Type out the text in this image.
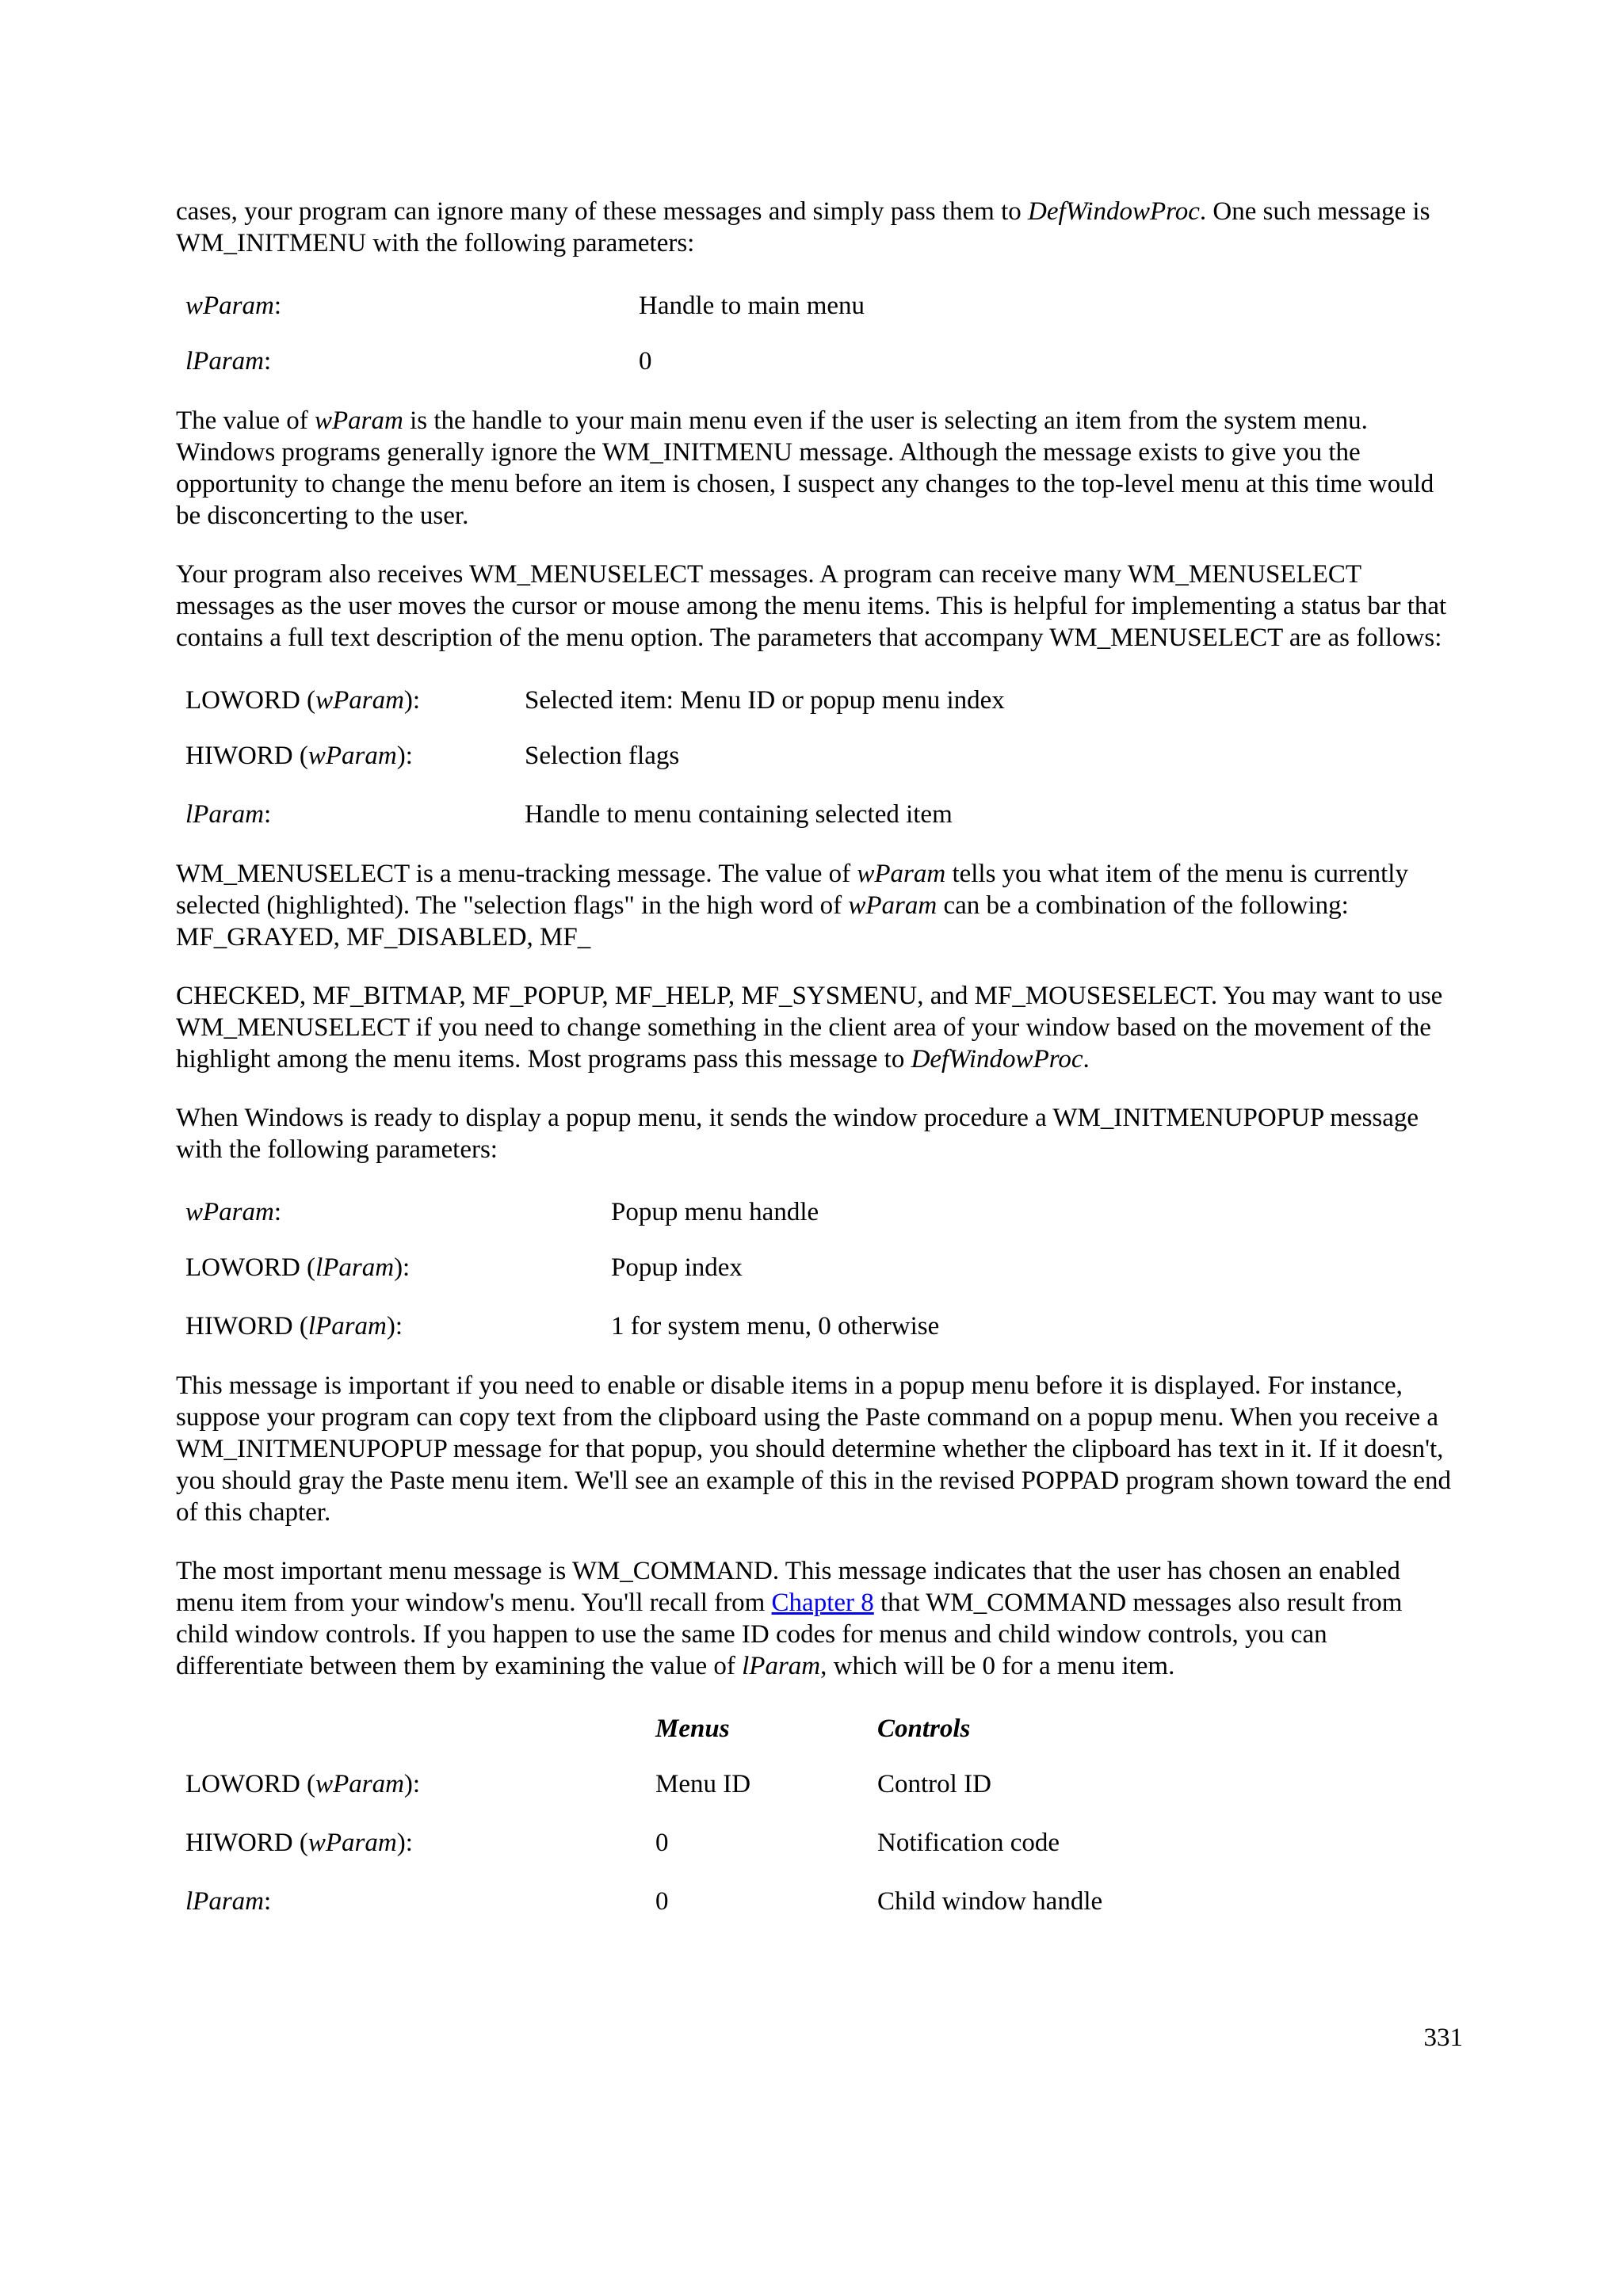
cases, your program can ignore many of these messages and simply pass them to DefWindowProc. One such message is WM_INITMENU with the following parameters:

wParam:	Handle to main menu
lParam:	0

The value of wParam is the handle to your main menu even if the user is selecting an item from the system menu. Windows programs generally ignore the WM_INITMENU message. Although the message exists to give you the opportunity to change the menu before an item is chosen, I suspect any changes to the top-level menu at this time would be disconcerting to the user.

Your program also receives WM_MENUSELECT messages. A program can receive many WM_MENUSELECT messages as the user moves the cursor or mouse among the menu items. This is helpful for implementing a status bar that contains a full text description of the menu option. The parameters that accompany WM_MENUSELECT are as follows:

LOWORD (wParam):	Selected item: Menu ID or popup menu index
HIWORD (wParam):	Selection flags
lParam:	Handle to menu containing selected item

WM_MENUSELECT is a menu-tracking message. The value of wParam tells you what item of the menu is currently selected (highlighted). The "selection flags" in the high word of wParam can be a combination of the following: MF_GRAYED, MF_DISABLED, MF_

CHECKED, MF_BITMAP, MF_POPUP, MF_HELP, MF_SYSMENU, and MF_MOUSESELECT. You may want to use WM_MENUSELECT if you need to change something in the client area of your window based on the movement of the highlight among the menu items. Most programs pass this message to DefWindowProc.

When Windows is ready to display a popup menu, it sends the window procedure a WM_INITMENUPOPUP message with the following parameters:

wParam:	Popup menu handle
LOWORD (lParam):	Popup index
HIWORD (lParam):	1 for system menu, 0 otherwise

This message is important if you need to enable or disable items in a popup menu before it is displayed. For instance, suppose your program can copy text from the clipboard using the Paste command on a popup menu. When you receive a WM_INITMENUPOPUP message for that popup, you should determine whether the clipboard has text in it. If it doesn't, you should gray the Paste menu item. We'll see an example of this in the revised POPPAD program shown toward the end of this chapter.

The most important menu message is WM_COMMAND. This message indicates that the user has chosen an enabled menu item from your window's menu. You'll recall from Chapter 8 that WM_COMMAND messages also result from child window controls. If you happen to use the same ID codes for menus and child window controls, you can differentiate between them by examining the value of lParam, which will be 0 for a menu item.

	Menus	Controls
LOWORD (wParam):	Menu ID	Control ID
HIWORD (wParam):	0	Notification code
lParam:	0	Child window handle
331
